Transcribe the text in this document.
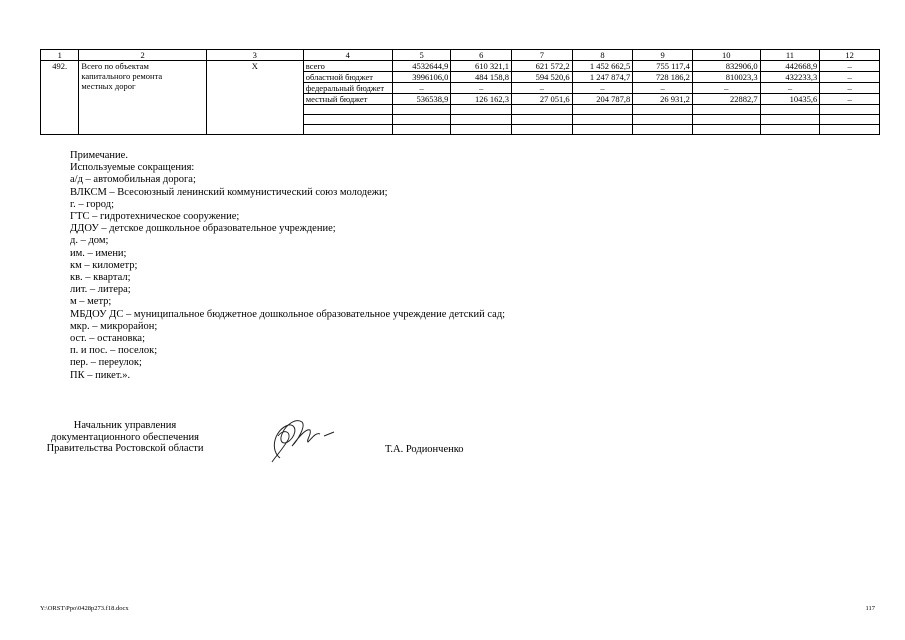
1	2	3	4	5	6	7	8	9	10	11	12
492.	Всего по объектам
капитального ремонта
местных дорог	Х	всего	4532644,9	610 321,1	621 572,2	1 452 662,5	755 117,4	832906,0	442668,9	–
			областной бюджет	3996106,0	484 158,8	594 520,6	1 247 874,7	728 186,2	810023,3	432233,3	–
			федеральный бюджет	–	–	–	–	–	–	–	–
			местный бюджет	536538,9	126 162,3	27 051,6	204 787,8	26 931,2	22882,7	10435,6	–

Примечание.
Используемые сокращения:
а/д – автомобильная дорога;
ВЛКСМ – Всесоюзный ленинский коммунистический союз молодежи;
г. – город;
ГТС – гидротехническое сооружение;
ДДОУ – детское дошкольное образовательное учреждение;
д. – дом;
им. – имени;
км – километр;
кв. – квартал;
лит. – литера;
м – метр;
МБДОУ ДС – муниципальное бюджетное дошкольное образовательное учреждение детский сад;
мкр. – микрорайон;
ост. – остановка;
п. и пос. – поселок;
пер. – переулок;
ПК – пикет.».
Начальник управления
документационного обеспечения
Правительства Ростовской области	Т.А. Родионченко
Y:\ORST\Ppo\0428p273.f18.docx	117
